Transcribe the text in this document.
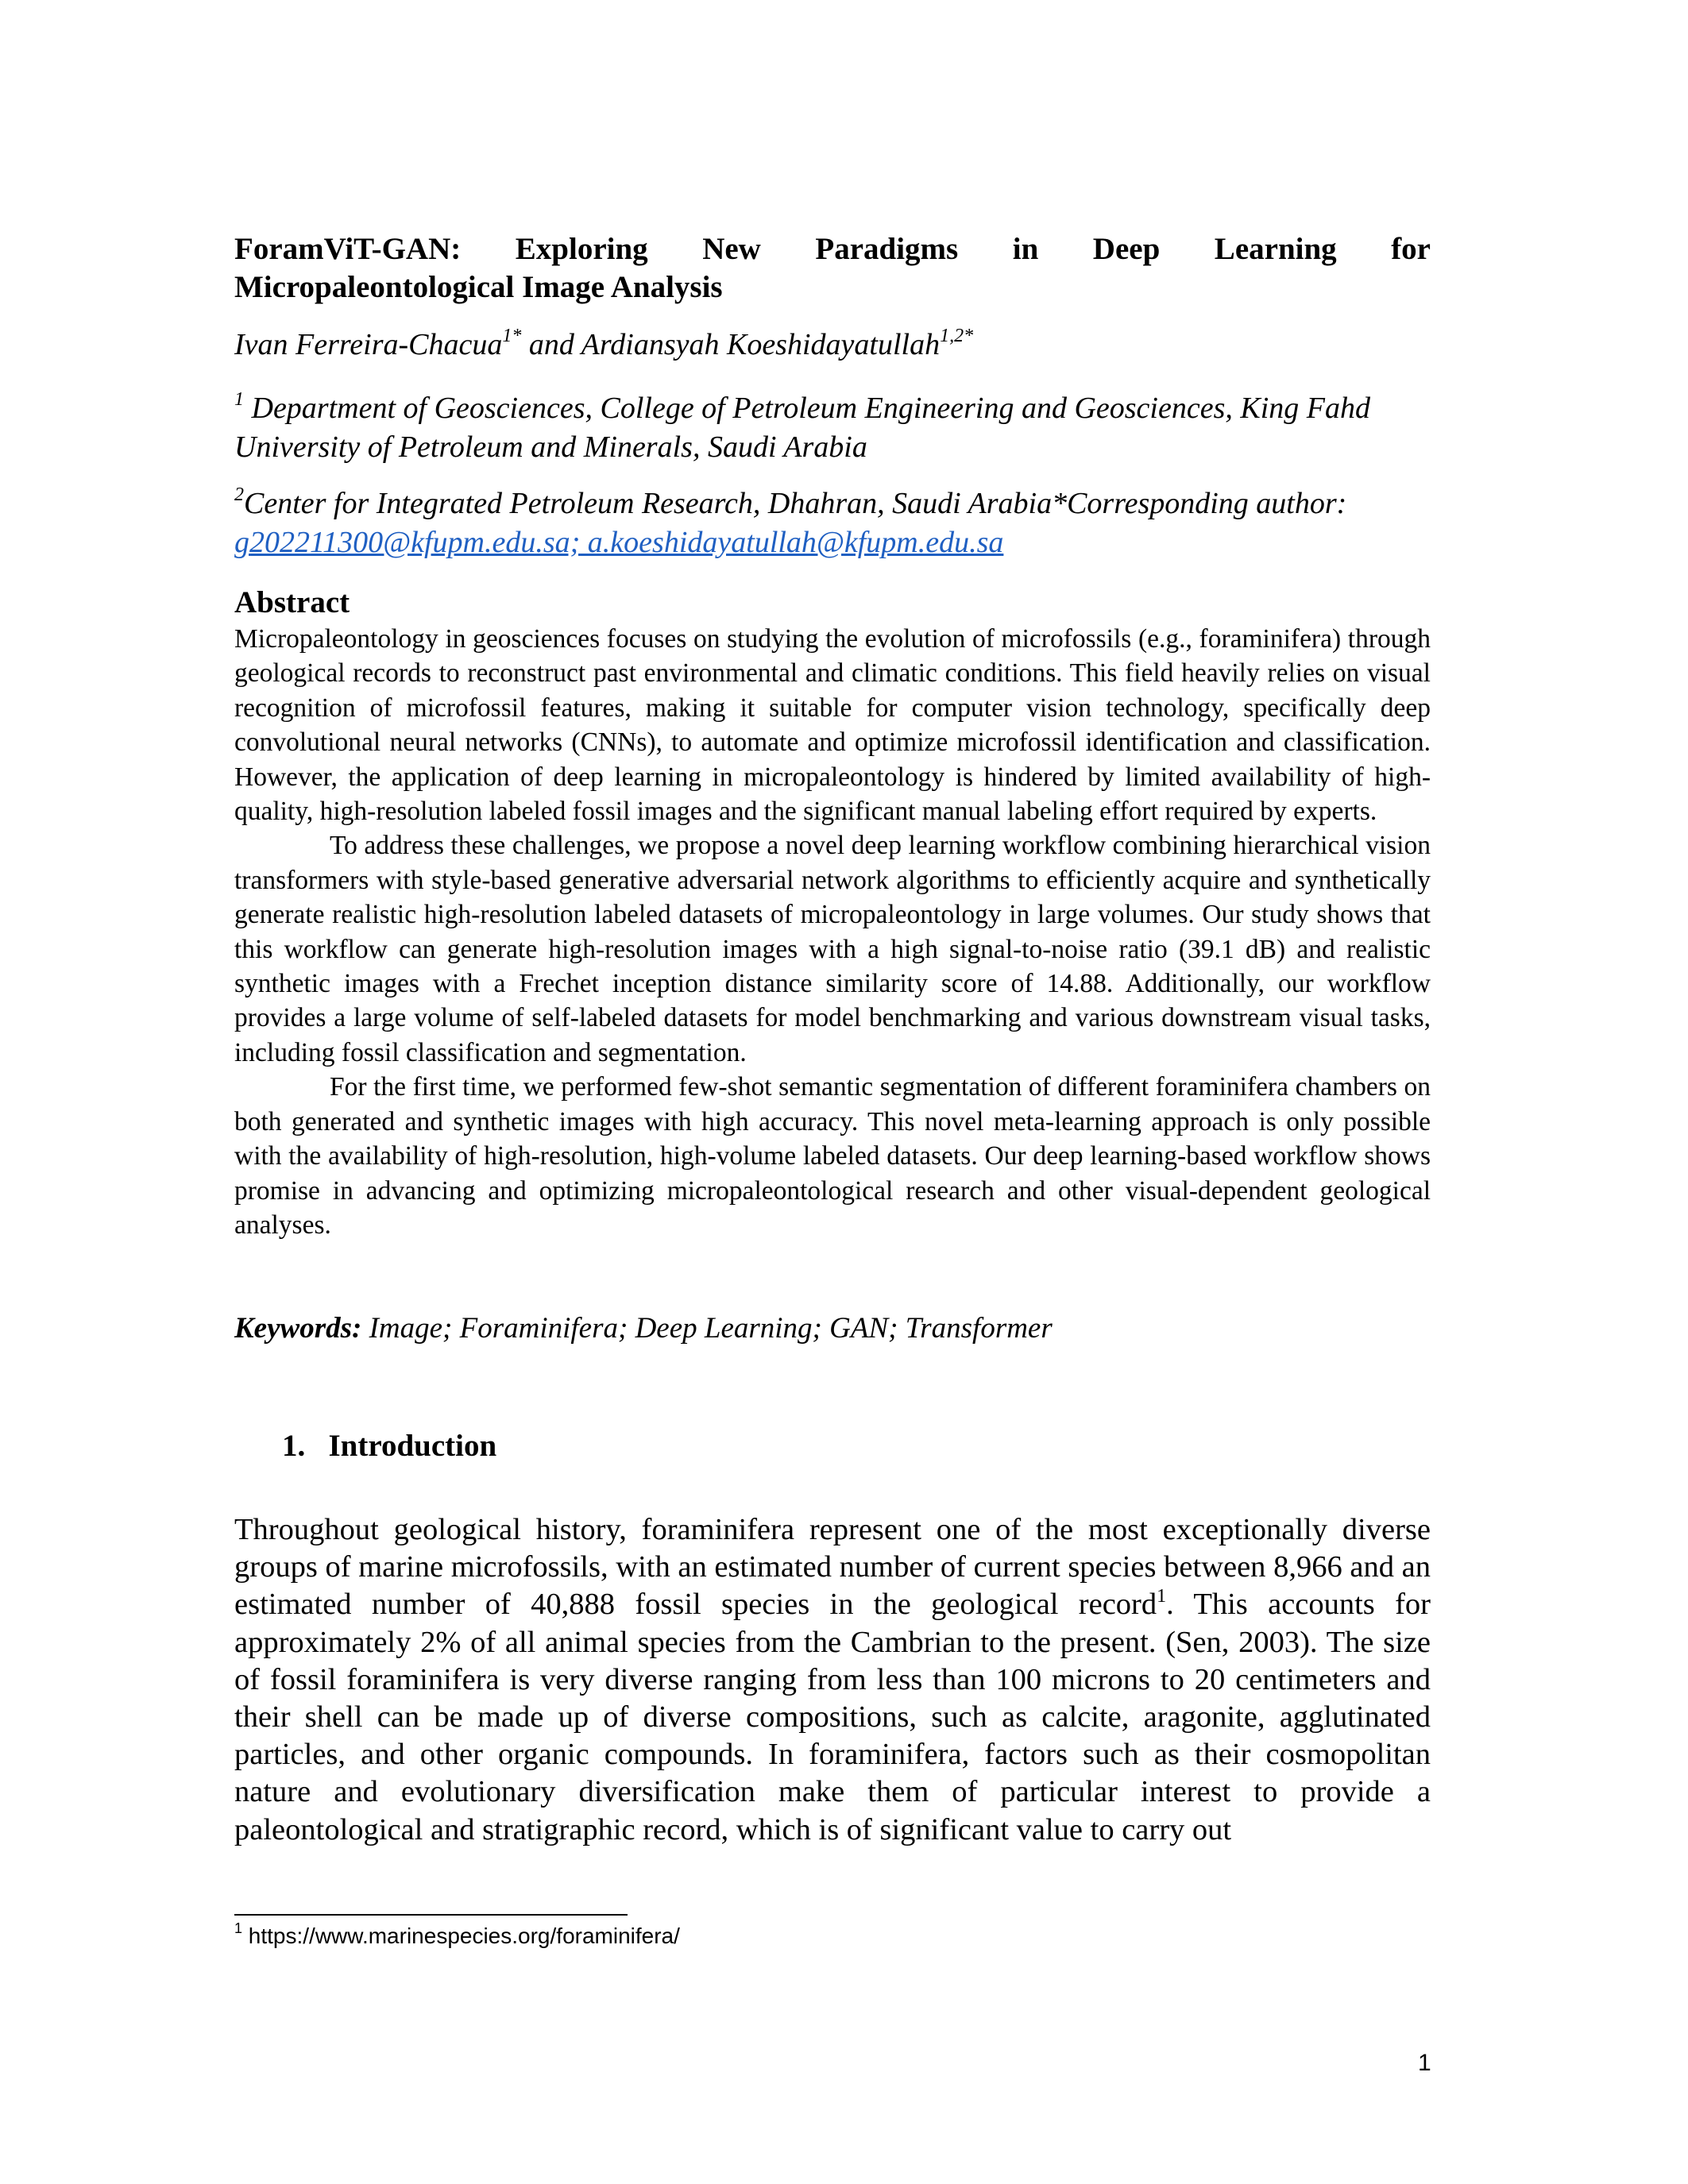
ForamViT-GAN: Exploring New Paradigms in Deep Learning for
Micropaleontological Image Analysis
Ivan Ferreira-Chacua$^{1*}$ and Ardiansyah Koeshidayatullah$^{1,2*}$
$^1$ Department of Geosciences, College of Petroleum Engineering and Geosciences, King Fahd University of Petroleum and Minerals, Saudi Arabia
$^2$Center for Integrated Petroleum Research, Dhahran, Saudi Arabia*Corresponding author: g202211300@kfupm.edu.sa; a.koeshidayatullah@kfupm.edu.sa
Abstract

Micropaleontology in geosciences focuses on studying the evolution of microfossils (e.g., foraminifera) through geological records to reconstruct past environmental and climatic conditions. This field heavily relies on visual recognition of microfossil features, making it suitable for computer vision technology, specifically deep convolutional neural networks (CNNs), to automate and optimize microfossil identification and classification. However, the application of deep learning in micropaleontology is hindered by limited availability of high-quality, high-resolution labeled fossil images and the significant manual labeling effort required by experts.

To address these challenges, we propose a novel deep learning workflow combining hierarchical vision transformers with style-based generative adversarial network algorithms to efficiently acquire and synthetically generate realistic high-resolution labeled datasets of micropaleontology in large volumes. Our study shows that this workflow can generate high-resolution images with a high signal-to-noise ratio (39.1 dB) and realistic synthetic images with a Frechet inception distance similarity score of 14.88. Additionally, our workflow provides a large volume of self-labeled datasets for model benchmarking and various downstream visual tasks, including fossil classification and segmentation.

For the first time, we performed few-shot semantic segmentation of different foraminifera chambers on both generated and synthetic images with high accuracy. This novel meta-learning approach is only possible with the availability of high-resolution, high-volume labeled datasets. Our deep learning-based workflow shows promise in advancing and optimizing micropaleontological research and other visual-dependent geological analyses.

Keywords: Image; Foraminifera; Deep Learning; GAN; Transformer
1. Introduction

Throughout geological history, foraminifera represent one of the most exceptionally diverse groups of marine microfossils, with an estimated number of current species between 8,966 and an estimated number of 40,888 fossil species in the geological record$^1$. This accounts for approximately 2% of all animal species from the Cambrian to the present. (Sen, 2003). The size of fossil foraminifera is very diverse ranging from less than 100 microns to 20 centimeters and their shell can be made up of diverse compositions, such as calcite, aragonite, agglutinated particles, and other organic compounds. In foraminifera, factors such as their cosmopolitan nature and evolutionary diversification make them of particular interest to provide a paleontological and stratigraphic record, which is of significant value to carry out

$^1$ https://www.marinespecies.org/foraminifera/
1
